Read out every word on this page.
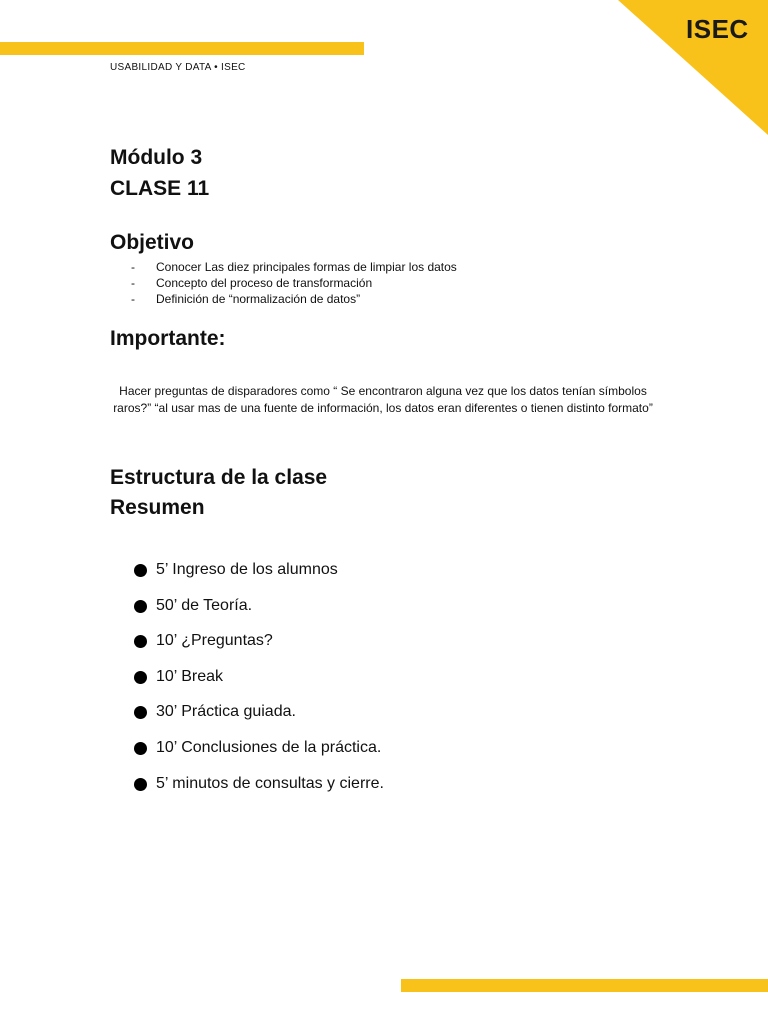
ISEC
USABILIDAD Y DATA • ISEC
Módulo 3
CLASE 11
Objetivo
- Conocer Las diez principales formas de limpiar los datos
- Concepto del proceso de transformación
- Definición de “normalización de datos”
Importante:
Hacer preguntas de disparadores como “ Se encontraron alguna vez que los datos tenían símbolos raros?” “al usar mas de una fuente de información, los datos eran diferentes o tienen distinto formato”
Estructura de la clase
Resumen
5’ Ingreso de los alumnos
50’ de Teoría.
10’ ¿Preguntas?
10’ Break
30’ Práctica guiada.
10’ Conclusiones de la práctica.
5’ minutos de consultas y cierre.
